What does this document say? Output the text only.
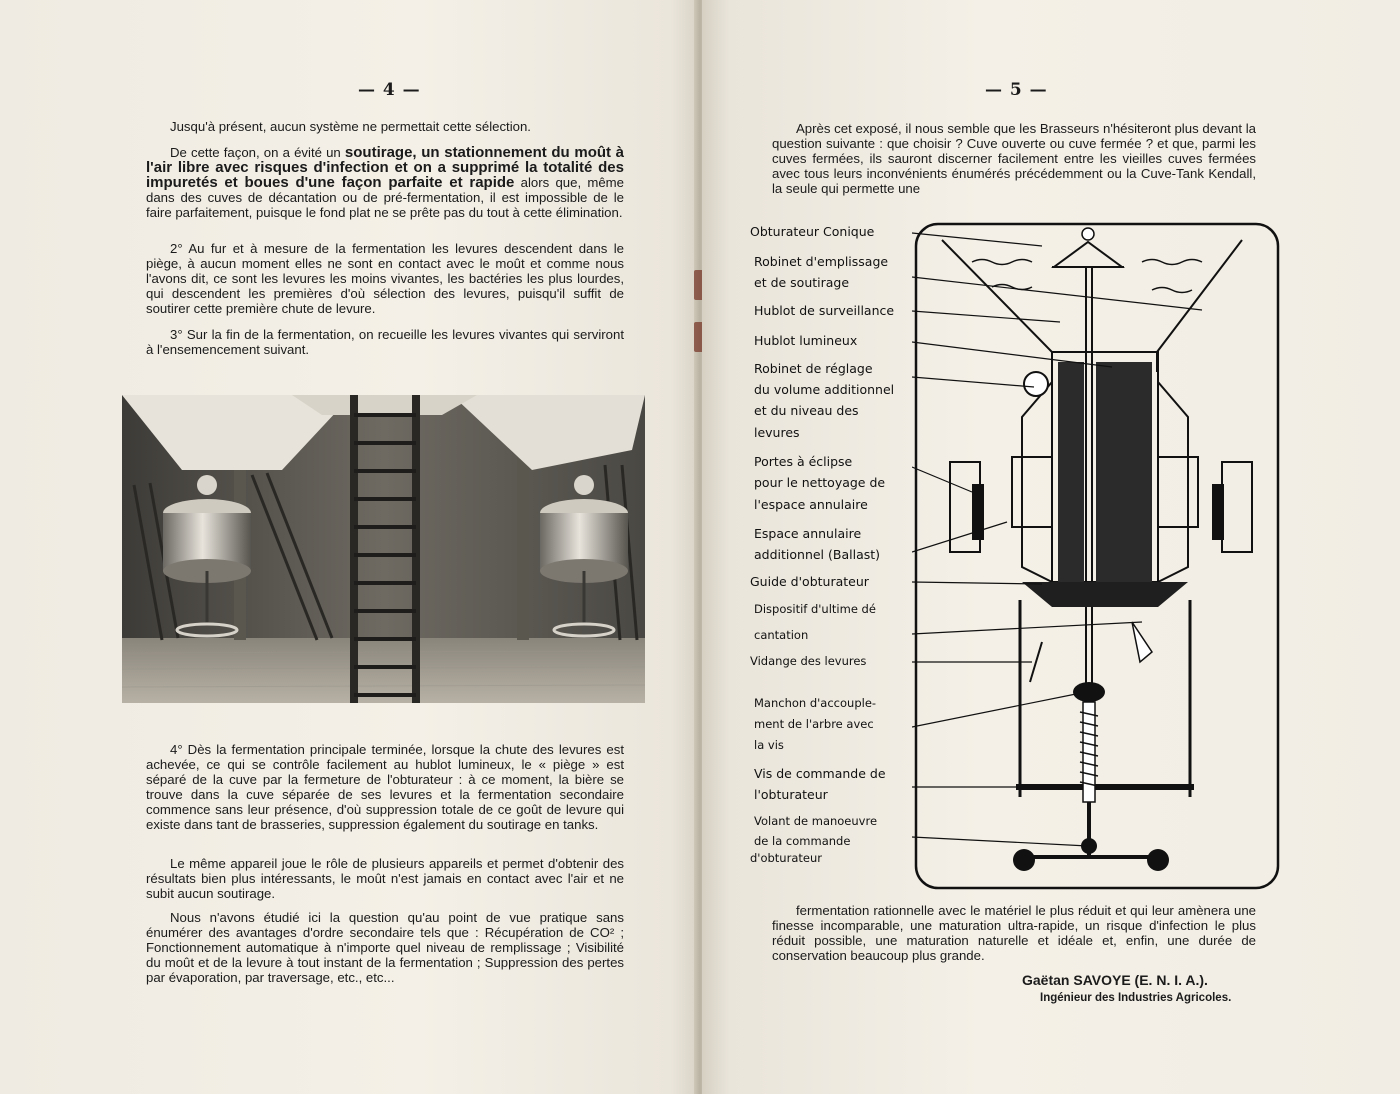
— 4 —

Jusqu'à présent, aucun système ne permettait cette sélection.

De cette façon, on a évité un soutirage, un stationnement du moût à l'air libre avec risques d'infection et on a supprimé la totalité des impuretés et boues d'une façon parfaite et rapide alors que, même dans des cuves de décantation ou de pré-fermentation, il est impossible de le faire parfaitement, puisque le fond plat ne se prête pas du tout à cette élimination.

2° Au fur et à mesure de la fermentation les levures descendent dans le piège, à aucun moment elles ne sont en contact avec le moût et comme nous l'avons dit, ce sont les levures les moins vivantes, les bactéries les plus lourdes, qui descendent les premières d'où sélection des levures, puisqu'il suffit de soutirer cette première chute de levure.

3° Sur la fin de la fermentation, on recueille les levures vivantes qui serviront à l'ensemencement suivant.

4° Dès la fermentation principale terminée, lorsque la chute des levures est achevée, ce qui se contrôle facilement au hublot lumineux, le « piège » est séparé de la cuve par la fermeture de l'obturateur : à ce moment, la bière se trouve dans la cuve séparée de ses levures et la fermentation secondaire commence sans leur présence, d'où suppression totale de ce goût de levure qui existe dans tant de brasseries, suppression également du soutirage en tanks.

Le même appareil joue le rôle de plusieurs appareils et permet d'obtenir des résultats bien plus intéressants, le moût n'est jamais en contact avec l'air et ne subit aucun soutirage.

Nous n'avons étudié ici la question qu'au point de vue pratique sans énumérer des avantages d'ordre secondaire tels que : Récupération de CO² ; Fonctionnement automatique à n'importe quel niveau de remplissage ; Visibilité du moût et de la levure à tout instant de la fermentation ; Suppression des pertes par évaporation, par traversage, etc., etc...

— 5 —

Après cet exposé, il nous semble que les Brasseurs n'hésiteront plus devant la question suivante : que choisir ? Cuve ouverte ou cuve fermée ? et que, parmi les cuves fermées, ils sauront discerner facilement entre les vieilles cuves fermées avec tous leurs inconvénients énumérés précédemment ou la Cuve-Tank Kendall, la seule qui permette une

Obturateur Conique
Robinet d'emplissage
et de soutirage
Hublot de surveillance
Hublot lumineux
Robinet de réglage
du volume additionnel
et du niveau des
levures
Portes à éclipse
pour le nettoyage de
l'espace annulaire
Espace annulaire
additionnel (Ballast)
Guide d'obturateur
Dispositif d'ultime dé
cantation
Vidange des levures
Manchon d'accouple-
ment de l'arbre avec
la vis
Vis de commande de
l'obturateur
Volant de manoeuvre
de la commande
d'obturateur

fermentation rationnelle avec le matériel le plus réduit et qui leur amènera une finesse incomparable, une maturation ultra-rapide, un risque d'infection le plus réduit possible, une maturation naturelle et idéale et, enfin, une durée de conservation beaucoup plus grande.

Gaëtan SAVOYE (E. N. I. A.).
Ingénieur des Industries Agricoles.
